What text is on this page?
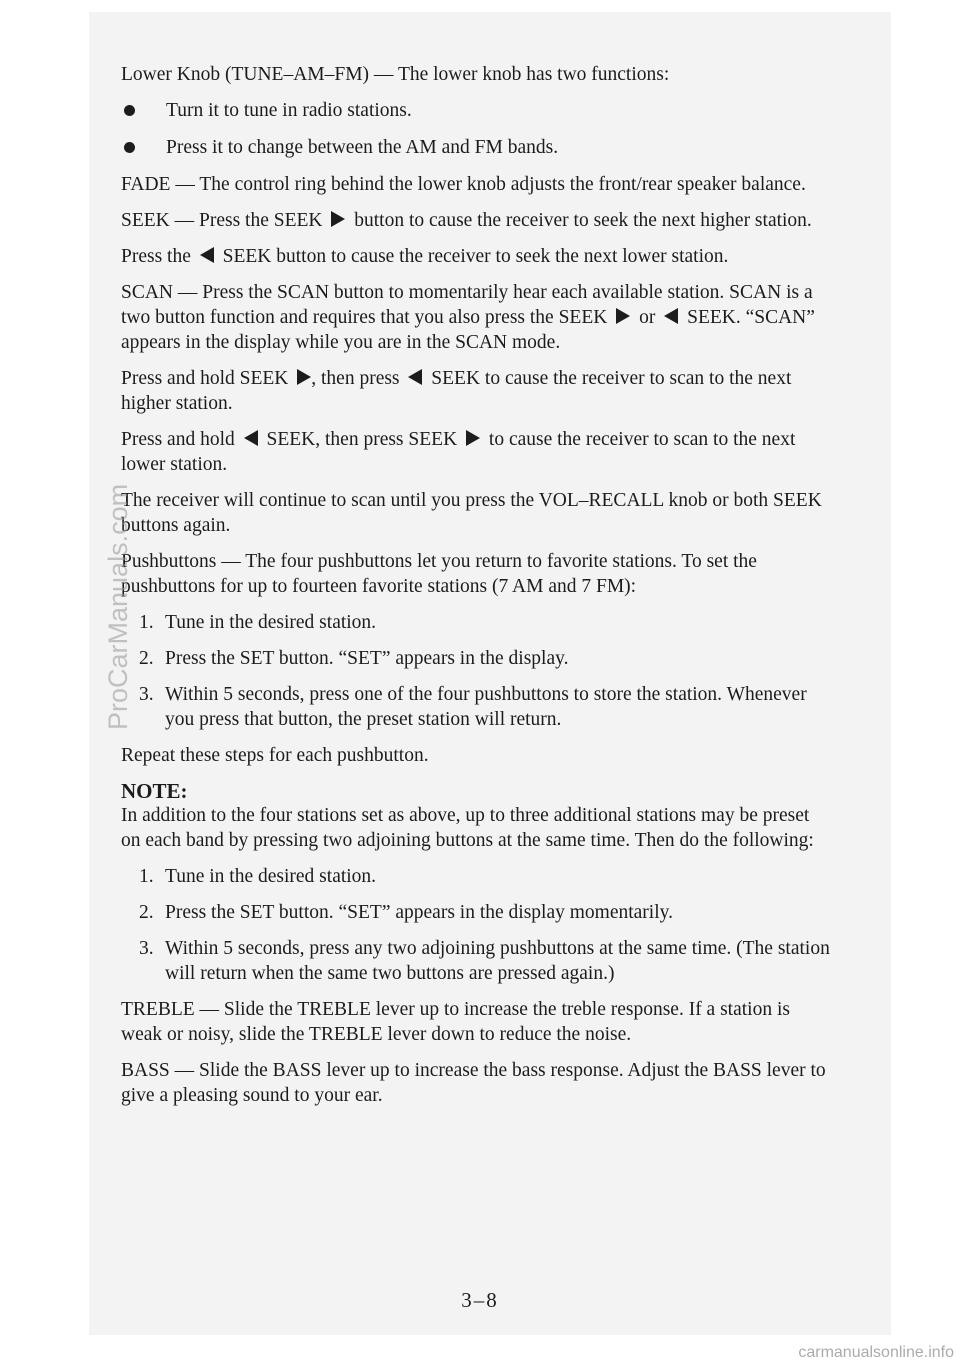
Lower Knob (TUNE–AM–FM) — The lower knob has two functions:

Turn it to tune in radio stations.

Press it to change between the AM and FM bands.

FADE — The control ring behind the lower knob adjusts the front/rear speaker balance.

SEEK — Press the SEEK button to cause the receiver to seek the next higher station.

Press the SEEK button to cause the receiver to seek the next lower station.

SCAN — Press the SCAN button to momentarily hear each available station. SCAN is a two button function and requires that you also press the SEEK or SEEK. “SCAN” appears in the display while you are in the SCAN mode.

Press and hold SEEK , then press SEEK to cause the receiver to scan to the next higher station.

Press and hold SEEK, then press SEEK to cause the receiver to scan to the next lower station.

The receiver will continue to scan until you press the VOL–RECALL knob or both SEEK buttons again.

Pushbuttons — The four pushbuttons let you return to favorite stations. To set the pushbuttons for up to fourteen favorite stations (7 AM and 7 FM):

1. Tune in the desired station.

2. Press the SET button. “SET” appears in the display.

3. Within 5 seconds, press one of the four pushbuttons to store the station. Whenever you press that button, the preset station will return.

Repeat these steps for each pushbutton.

NOTE:

In addition to the four stations set as above, up to three additional stations may be preset on each band by pressing two adjoining buttons at the same time. Then do the following:

1. Tune in the desired station.

2. Press the SET button. “SET” appears in the display momentarily.

3. Within 5 seconds, press any two adjoining pushbuttons at the same time. (The station will return when the same two buttons are pressed again.)

TREBLE — Slide the TREBLE lever up to increase the treble response. If a station is weak or noisy, slide the TREBLE lever down to reduce the noise.

BASS — Slide the BASS lever up to increase the bass response. Adjust the BASS lever to give a pleasing sound to your ear.

3–8
ProCarManuals.com
carmanualsonline.info
